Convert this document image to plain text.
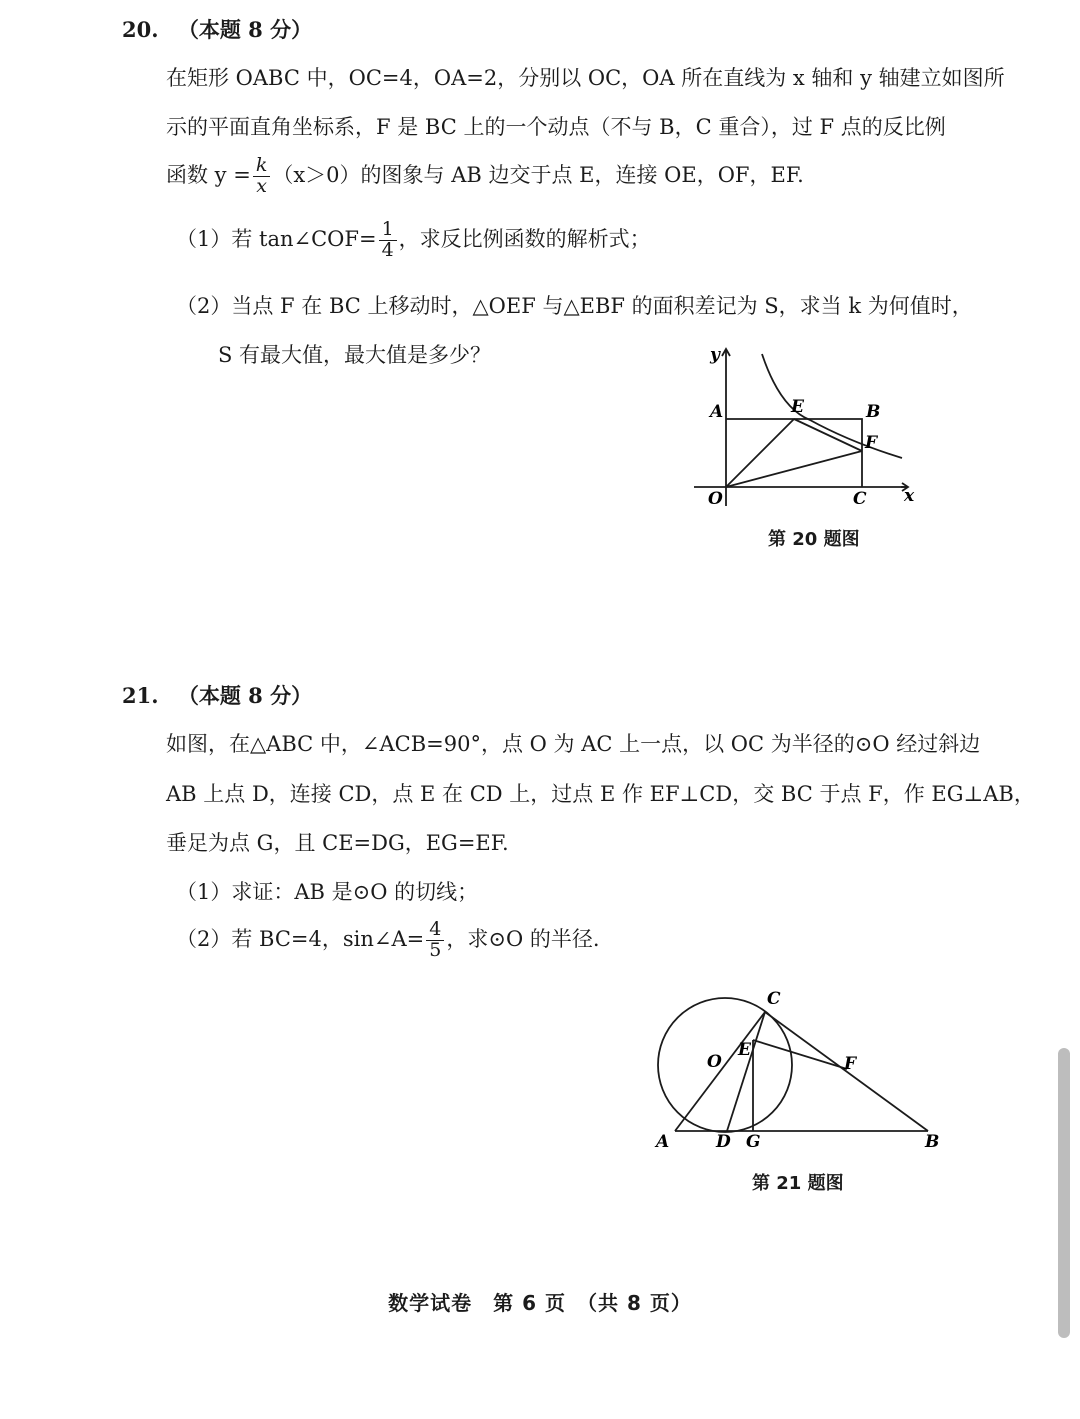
20. （本题 8 分）
在矩形 OABC 中，OC=4，OA=2，分别以 OC，OA 所在直线为 x 轴和 y 轴建立如图所
示的平面直角坐标系，F 是 BC 上的一个动点（不与 B，C 重合），过 F 点的反比例
函数 $y = \frac{k}{x} (x>0)$的图象与 AB 边交于点 E，连接 OE，OF，EF.
（1）若 tan∠COF= $\frac{1}{4}$ ，求反比例函数的解析式；
（2）当点 F 在 BC 上移动时，△OEF 与△EBF 的面积差记为 S，求当 k 为何值时，
S 有最大值，最大值是多少？	y
x
A	E	B
F
O	C
第 20 题图
21. （本题 8 分）
如图，在△ABC 中，∠ACB=90°，点 O 为 AC 上一点，以 OC 为半径的⊙O 经过斜边
AB 上点 D，连接 CD，点 E 在 CD 上，过点 E 作 EF⊥CD，交 BC 于点 F，作 EG⊥AB，
垂足为点 G，且 CE=DG，EG=EF.
（1）求证：AB 是⊙O 的切线；
（2）若 BC=4，sin∠A= $\frac{4}{5}$ ，求⊙O 的半径.
C
O
E
F
A	D G	B
第 21 题图
数学试卷　第 6 页　（共 8 页）
